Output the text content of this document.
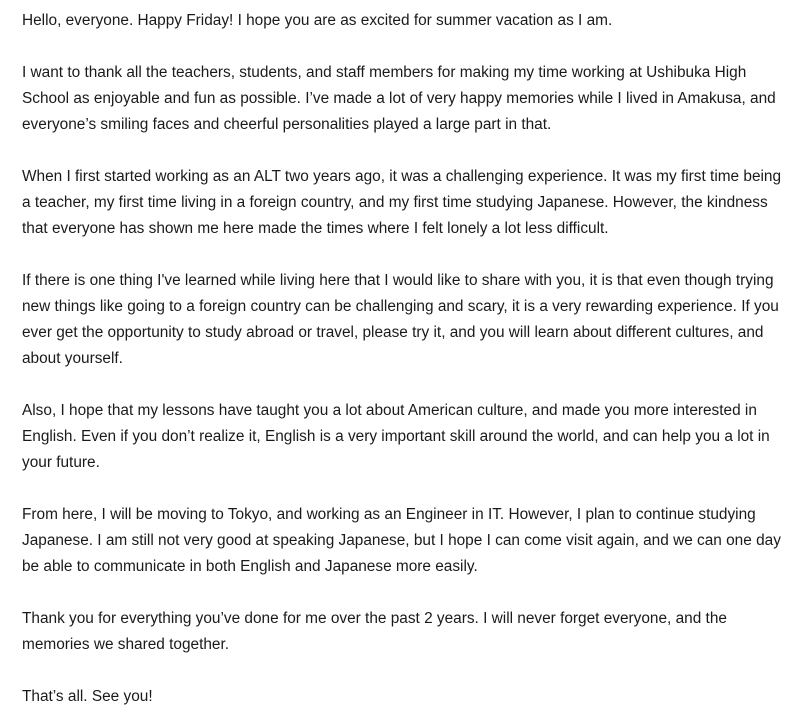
Hello, everyone. Happy Friday! I hope you are as excited for summer vacation as I am.

I want to thank all the teachers, students, and staff members for making my time working at Ushibuka High School as enjoyable and fun as possible. I’ve made a lot of very happy memories while I lived in Amakusa, and everyone’s smiling faces and cheerful personalities played a large part in that.

When I first started working as an ALT two years ago, it was a challenging experience. It was my first time being a teacher, my first time living in a foreign country, and my first time studying Japanese. However, the kindness that everyone has shown me here made the times where I felt lonely a lot less difficult.

If there is one thing I've learned while living here that I would like to share with you, it is that even though trying new things like going to a foreign country can be challenging and scary, it is a very rewarding experience. If you ever get the opportunity to study abroad or travel, please try it, and you will learn about different cultures, and about yourself.

Also, I hope that my lessons have taught you a lot about American culture, and made you more interested in English. Even if you don’t realize it, English is a very important skill around the world, and can help you a lot in your future.

From here, I will be moving to Tokyo, and working as an Engineer in IT. However, I plan to continue studying Japanese. I am still not very good at speaking Japanese, but I hope I can come visit again, and we can one day be able to communicate in both English and Japanese more easily.

Thank you for everything you’ve done for me over the past 2 years. I will never forget everyone, and the memories we shared together.

That’s all. See you!
